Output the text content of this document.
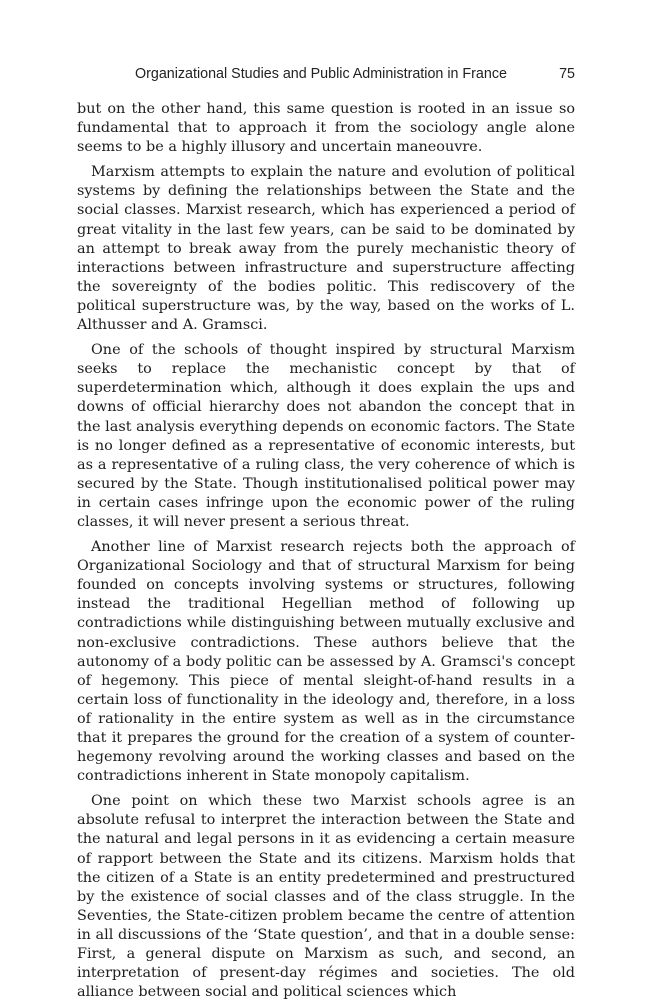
Organizational Studies and Public Administration in France	75

but on the other hand, this same question is rooted in an issue so fundamental that to approach it from the sociology angle alone seems to be a highly illusory and uncertain maneouvre.

Marxism attempts to explain the nature and evolution of political systems by defining the relationships between the State and the social classes. Marxist research, which has experienced a period of great vitality in the last few years, can be said to be dominated by an attempt to break away from the purely mechanistic theory of interactions between infrastructure and superstructure affecting the sovereignty of the bodies politic. This rediscovery of the political superstructure was, by the way, based on the works of L. Althusser and A. Gramsci.

One of the schools of thought inspired by structural Marxism seeks to replace the mechanistic concept by that of superdetermination which, although it does explain the ups and downs of official hierarchy does not abandon the concept that in the last analysis everything depends on economic factors. The State is no longer defined as a representative of economic interests, but as a representative of a ruling class, the very coherence of which is secured by the State. Though institutionalised political power may in certain cases infringe upon the economic power of the ruling classes, it will never present a serious threat.

Another line of Marxist research rejects both the approach of Organizational Sociology and that of structural Marxism for being founded on concepts involving systems or structures, following instead the traditional Hegellian method of following up contradictions while distinguishing between mutually exclusive and non-exclusive contradictions. These authors believe that the autonomy of a body politic can be assessed by A. Gramsci's concept of hegemony. This piece of mental sleight-of-hand results in a certain loss of functionality in the ideology and, therefore, in a loss of rationality in the entire system as well as in the circumstance that it prepares the ground for the creation of a system of counter-hegemony revolving around the working classes and based on the contradictions inherent in State monopoly capitalism.

One point on which these two Marxist schools agree is an absolute refusal to interpret the interaction between the State and the natural and legal persons in it as evidencing a certain measure of rapport between the State and its citizens. Marxism holds that the citizen of a State is an entity predetermined and prestructured by the existence of social classes and of the class struggle. In the Seventies, the State-citizen problem became the centre of attention in all discussions of the ‘State question’, and that in a double sense: First, a general dispute on Marxism as such, and second, an interpretation of present-day régimes and societies. The old alliance between social and political sciences which
